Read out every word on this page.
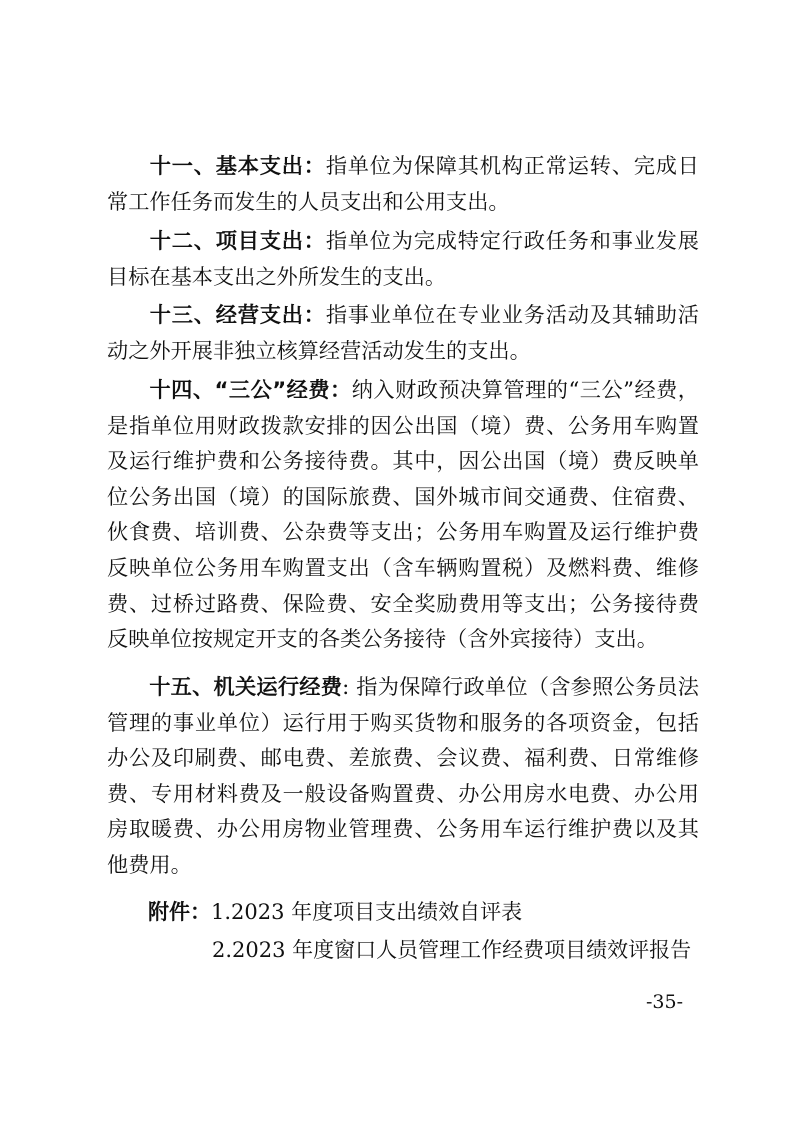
十一、基本支出：指单位为保障其机构正常运转、完成日常工作任务而发生的人员支出和公用支出。

十二、项目支出：指单位为完成特定行政任务和事业发展目标在基本支出之外所发生的支出。

十三、经营支出：指事业单位在专业业务活动及其辅助活动之外开展非独立核算经营活动发生的支出。

十四、“三公”经费：纳入财政预决算管理的“三公”经费，是指单位用财政拨款安排的因公出国（境）费、公务用车购置及运行维护费和公务接待费。其中，因公出国（境）费反映单位公务出国（境）的国际旅费、国外城市间交通费、住宿费、伙食费、培训费、公杂费等支出；公务用车购置及运行维护费反映单位公务用车购置支出（含车辆购置税）及燃料费、维修费、过桥过路费、保险费、安全奖励费用等支出；公务接待费反映单位按规定开支的各类公务接待（含外宾接待）支出。

十五、机关运行经费: 指为保障行政单位（含参照公务员法管理的事业单位）运行用于购买货物和服务的各项资金，包括办公及印刷费、邮电费、差旅费、会议费、福利费、日常维修费、专用材料费及一般设备购置费、办公用房水电费、办公用房取暖费、办公用房物业管理费、公务用车运行维护费以及其他费用。

附件：1.2023 年度项目支出绩效自评表

2.2023 年度窗口人员管理工作经费项目绩效评报告

-35-
